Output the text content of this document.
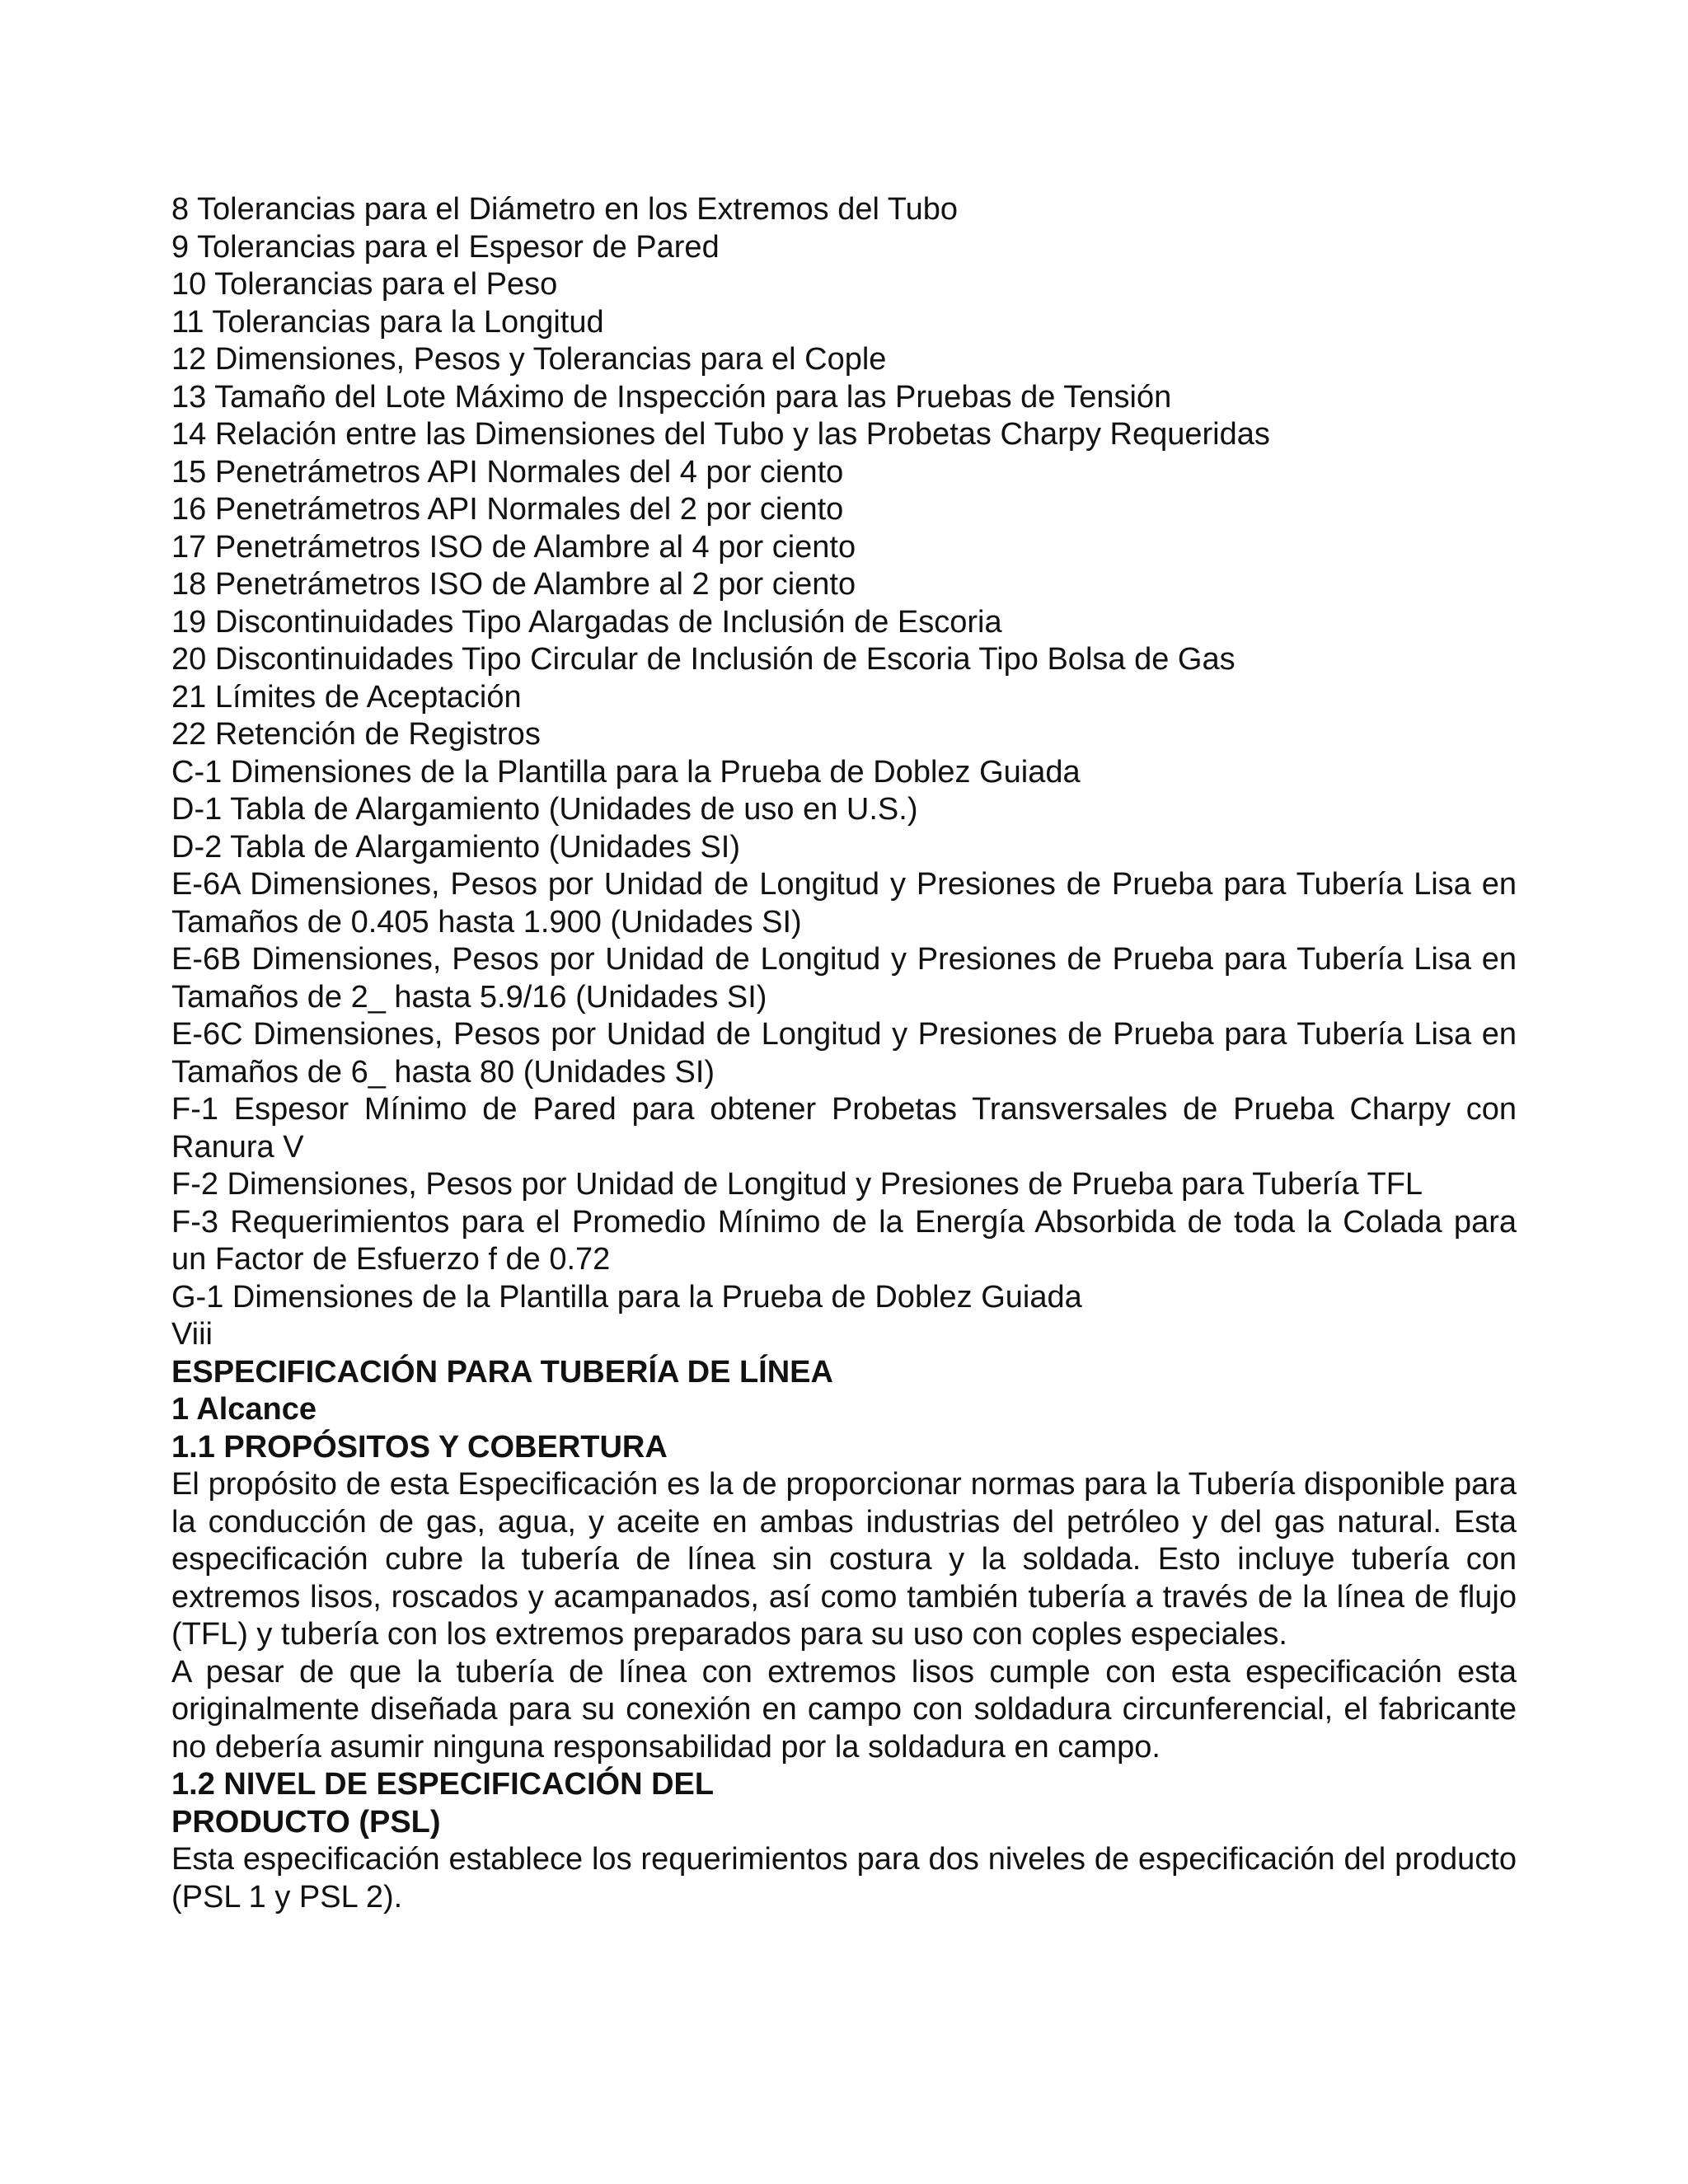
8 Tolerancias para el Diámetro en los Extremos del Tubo

9 Tolerancias para el Espesor de Pared

10 Tolerancias para el Peso

11 Tolerancias para la Longitud

12 Dimensiones, Pesos y Tolerancias para el Cople

13 Tamaño del Lote Máximo de Inspección para las Pruebas de Tensión

14 Relación entre las Dimensiones del Tubo y las Probetas Charpy Requeridas

15 Penetrámetros API Normales del 4 por ciento

16 Penetrámetros API Normales del 2 por ciento

17 Penetrámetros ISO de Alambre al 4 por ciento

18 Penetrámetros ISO de Alambre al 2 por ciento

19 Discontinuidades Tipo Alargadas de Inclusión de Escoria

20 Discontinuidades Tipo Circular de Inclusión de Escoria Tipo Bolsa de Gas

21 Límites de Aceptación

22 Retención de Registros

C-1 Dimensiones de la Plantilla para la Prueba de Doblez Guiada

D-1 Tabla de Alargamiento (Unidades de uso en U.S.)

D-2 Tabla de Alargamiento (Unidades SI)

E-6A Dimensiones, Pesos por Unidad de Longitud y Presiones de Prueba para Tubería Lisa en Tamaños de 0.405 hasta 1.900 (Unidades SI)

E-6B Dimensiones, Pesos por Unidad de Longitud y Presiones de Prueba para Tubería Lisa en Tamaños de 2_ hasta 5.9/16 (Unidades SI)

E-6C Dimensiones, Pesos por Unidad de Longitud y Presiones de Prueba para Tubería Lisa en Tamaños de 6_ hasta 80 (Unidades SI)

F-1 Espesor Mínimo de Pared para obtener Probetas Transversales de Prueba Charpy con Ranura V

F-2 Dimensiones, Pesos por Unidad de Longitud y Presiones de Prueba para Tubería TFL

F-3 Requerimientos para el Promedio Mínimo de la Energía Absorbida de toda la Colada para un Factor de Esfuerzo f de 0.72

G-1 Dimensiones de la Plantilla para la Prueba de Doblez Guiada

Viii

ESPECIFICACIÓN PARA TUBERÍA DE LÍNEA

1 Alcance

1.1 PROPÓSITOS Y COBERTURA

El propósito de esta Especificación es la de proporcionar normas para la Tubería disponible para la conducción de gas, agua, y aceite en ambas industrias del petróleo y del gas natural. Esta especificación cubre la tubería de línea sin costura y la soldada. Esto incluye tubería con extremos lisos, roscados y acampanados, así como también tubería a través de la línea de flujo (TFL) y tubería con los extremos preparados para su uso con coples especiales.

A pesar de que la tubería de línea con extremos lisos cumple con esta especificación esta originalmente diseñada para su conexión en campo con soldadura circunferencial, el fabricante no debería asumir ninguna responsabilidad por la soldadura en campo.

1.2 NIVEL DE ESPECIFICACIÓN DEL

PRODUCTO (PSL)

Esta especificación establece los requerimientos para dos niveles de especificación del producto (PSL 1 y PSL 2).
